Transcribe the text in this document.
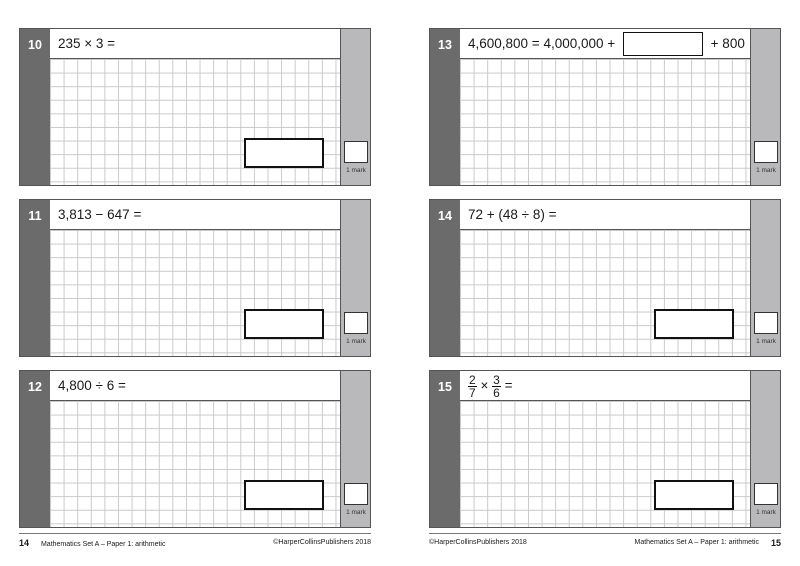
10	235 × 3 =
1 mark
11	3,813 − 647 =
1 mark
12	4,800 ÷ 6 =
1 mark
13	4,600,800 = 4,000,000 +	+ 800
1 mark
14	72 + (48 ÷ 8) =
1 mark
15	$\frac{2}{7} \times \frac{3}{6}$ =
1 mark
14 Mathematics Set A – Paper 1: arithmetic	©HarperCollinsPublishers 2018	©HarperCollinsPublishers 2018	Mathematics Set A – Paper 1: arithmetic 15
